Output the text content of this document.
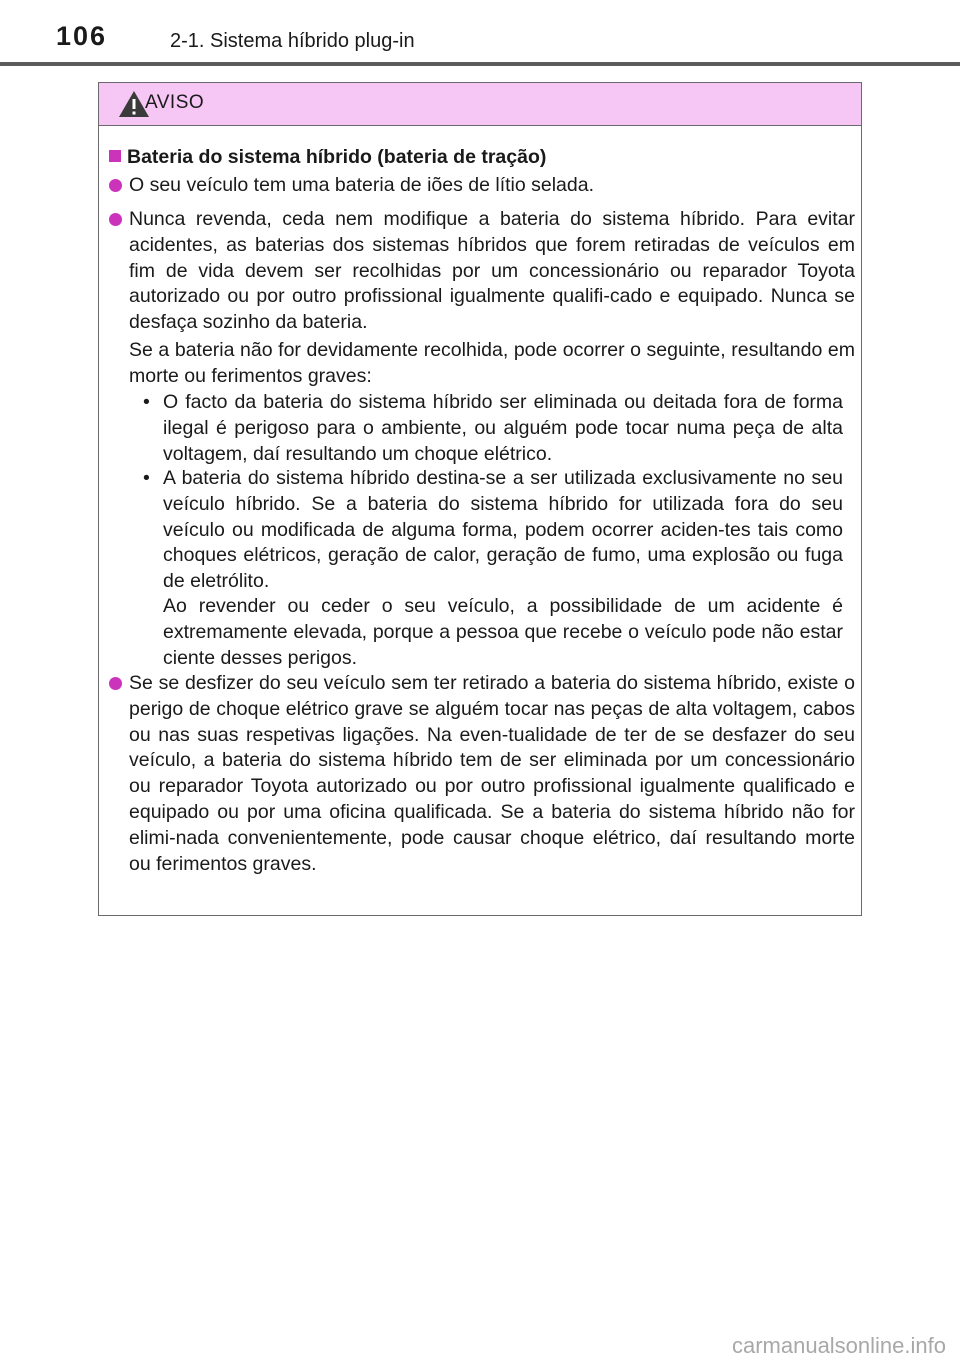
106	2-1. Sistema híbrido plug-in
AVISO
Bateria do sistema híbrido (bateria de tração)
O seu veículo tem uma bateria de iões de lítio selada.
Nunca revenda, ceda nem modifique a bateria do sistema híbrido. Para evitar acidentes, as baterias dos sistemas híbridos que forem retiradas de veículos em fim de vida devem ser recolhidas por um concessionário ou reparador Toyota autorizado ou por outro profissional igualmente qualifi-cado e equipado. Nunca se desfaça sozinho da bateria.
Se a bateria não for devidamente recolhida, pode ocorrer o seguinte, resultando em morte ou ferimentos graves:
• O facto da bateria do sistema híbrido ser eliminada ou deitada fora de forma ilegal é perigoso para o ambiente, ou alguém pode tocar numa peça de alta voltagem, daí resultando um choque elétrico.
• A bateria do sistema híbrido destina-se a ser utilizada exclusivamente no seu veículo híbrido. Se a bateria do sistema híbrido for utilizada fora do seu veículo ou modificada de alguma forma, podem ocorrer aciden-tes tais como choques elétricos, geração de calor, geração de fumo, uma explosão ou fuga de eletrólito.
Ao revender ou ceder o seu veículo, a possibilidade de um acidente é extremamente elevada, porque a pessoa que recebe o veículo pode não estar ciente desses perigos.
Se se desfizer do seu veículo sem ter retirado a bateria do sistema híbrido, existe o perigo de choque elétrico grave se alguém tocar nas peças de alta voltagem, cabos ou nas suas respetivas ligações. Na even-tualidade de ter de se desfazer do seu veículo, a bateria do sistema híbrido tem de ser eliminada por um concessionário ou reparador Toyota autorizado ou por outro profissional igualmente qualificado e equipado ou por uma oficina qualificada. Se a bateria do sistema híbrido não for elimi-nada convenientemente, pode causar choque elétrico, daí resultando morte ou ferimentos graves.
carmanualsonline.info
